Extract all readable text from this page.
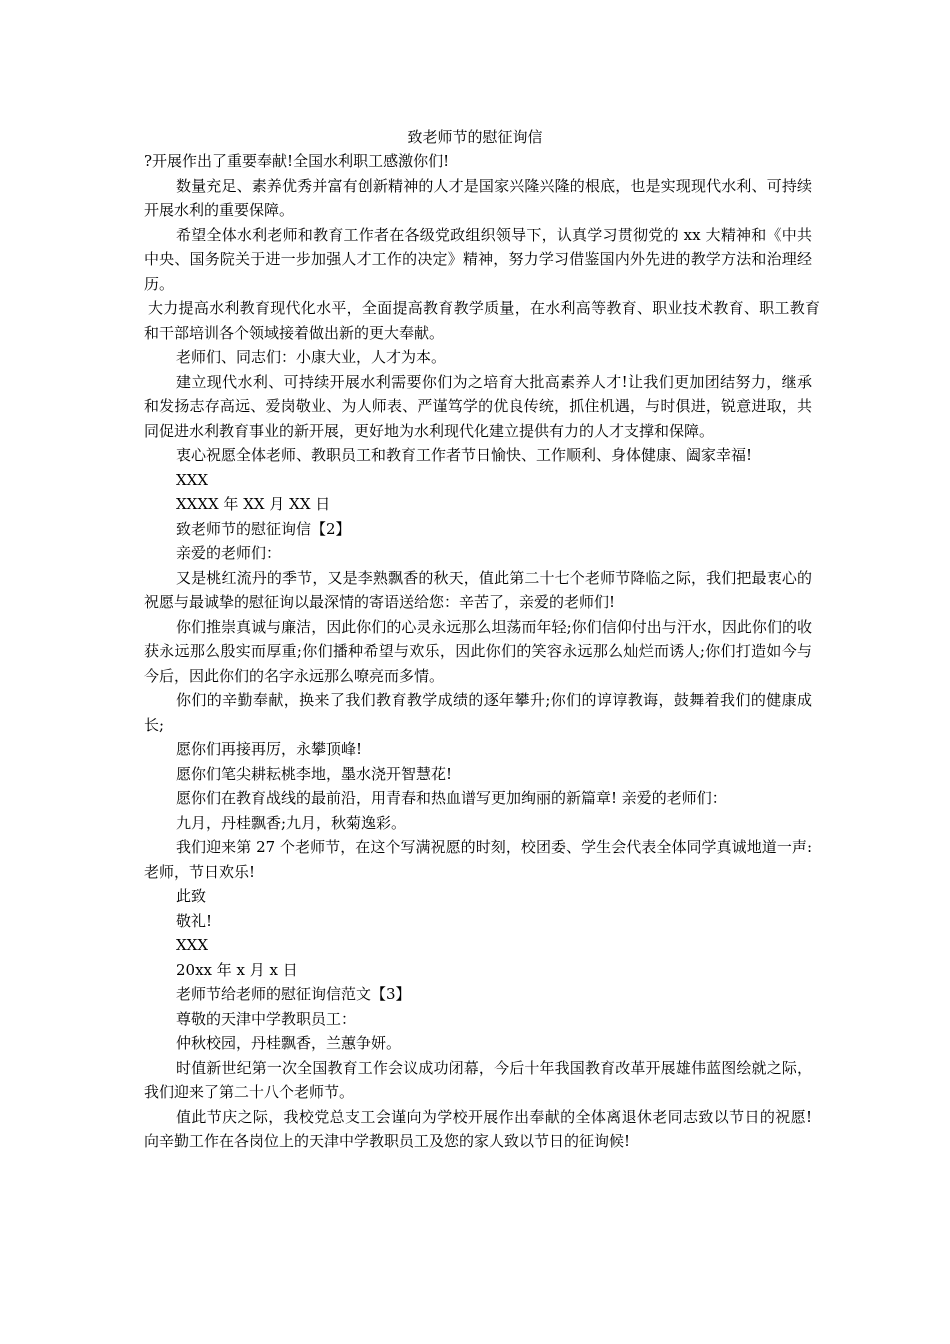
致老师节的慰征询信

?开展作出了重要奉献!全国水利职工感激你们!

数量充足、素养优秀并富有创新精神的人才是国家兴隆兴隆的根底，也是实现现代水利、可持续开展水利的重要保障。

希望全体水利老师和教育工作者在各级党政组织领导下，认真学习贯彻党的 xx 大精神和《中共中央、国务院关于进一步加强人才工作的决定》精神，努力学习借鉴国内外先进的教学方法和治理经历。

大力提高水利教育现代化水平，全面提高教育教学质量，在水利高等教育、职业技术教育、职工教育和干部培训各个领域接着做出新的更大奉献。

老师们、同志们：小康大业，人才为本。

建立现代水利、可持续开展水利需要你们为之培育大批高素养人才!让我们更加团结努力，继承和发扬志存高远、爱岗敬业、为人师表、严谨笃学的优良传统，抓住机遇，与时俱进，锐意进取，共同促进水利教育事业的新开展，更好地为水利现代化建立提供有力的人才支撑和保障。

衷心祝愿全体老师、教职员工和教育工作者节日愉快、工作顺利、身体健康、阖家幸福!

XXX

XXXX 年 XX 月 XX 日

致老师节的慰征询信【2】

亲爱的老师们：

又是桃红流丹的季节，又是李熟飘香的秋天，值此第二十七个老师节降临之际，我们把最衷心的祝愿与最诚挚的慰征询以最深情的寄语送给您：辛苦了，亲爱的老师们!

你们推崇真诚与廉洁，因此你们的心灵永远那么坦荡而年轻;你们信仰付出与汗水，因此你们的收获永远那么殷实而厚重;你们播种希望与欢乐，因此你们的笑容永远那么灿烂而诱人;你们打造如今与今后，因此你们的名字永远那么嘹亮而多情。

你们的辛勤奉献，换来了我们教育教学成绩的逐年攀升;你们的谆谆教诲，鼓舞着我们的健康成长;

愿你们再接再厉，永攀顶峰!

愿你们笔尖耕耘桃李地，墨水浇开智慧花!

愿你们在教育战线的最前沿，用青春和热血谱写更加绚丽的新篇章! 亲爱的老师们：

九月，丹桂飘香;九月，秋菊逸彩。

我们迎来第 27 个老师节，在这个写满祝愿的时刻，校团委、学生会代表全体同学真诚地道一声:老师，节日欢乐!

此致

敬礼!

XXX

20xx 年 x 月 x 日

老师节给老师的慰征询信范文【3】

尊敬的天津中学教职员工：

仲秋校园，丹桂飘香，兰蕙争妍。

时值新世纪第一次全国教育工作会议成功闭幕，今后十年我国教育改革开展雄伟蓝图绘就之际，我们迎来了第二十八个老师节。

值此节庆之际，我校党总支工会谨向为学校开展作出奉献的全体离退休老同志致以节日的祝愿!向辛勤工作在各岗位上的天津中学教职员工及您的家人致以节日的征询候!
